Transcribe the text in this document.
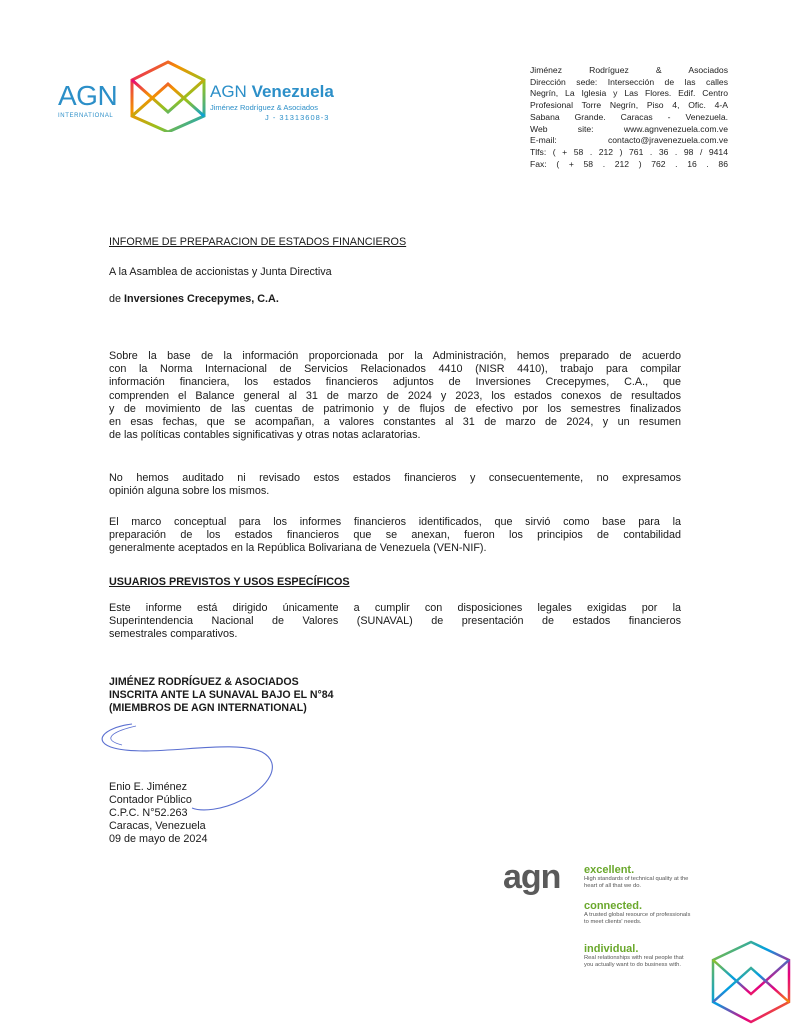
AGN
INTERNATIONAL
AGN Venezuela
Jiménez Rodríguez & Asociados
J - 31313608-3
Jiménez Rodríguez & Asociados
Dirección sede: Intersección de las calles
Negrín, La Iglesia y Las Flores. Edif. Centro
Profesional Torre Negrín, Piso 4, Ofic. 4-A
Sabana Grande. Caracas - Venezuela.
Web site: www.agnvenezuela.com.ve
E-mail: contacto@jravenezuela.com.ve
Tlfs: ( + 58 . 212 ) 761 . 36 . 98 / 9414
Fax: ( + 58 . 212 ) 762 . 16 . 86
INFORME DE PREPARACION DE ESTADOS FINANCIEROS
A la Asamblea de accionistas y Junta Directiva
de Inversiones Crecepymes, C.A.
Sobre la base de la información proporcionada por la Administración, hemos preparado de acuerdo
con la Norma Internacional de Servicios Relacionados 4410 (NISR 4410), trabajo para compilar
información financiera, los estados financieros adjuntos de Inversiones Crecepymes, C.A., que
comprenden el Balance general al 31 de marzo de 2024 y 2023, los estados conexos de resultados
y de movimiento de las cuentas de patrimonio y de flujos de efectivo por los semestres finalizados
en esas fechas, que se acompañan, a valores constantes al 31 de marzo de 2024, y un resumen
de las políticas contables significativas y otras notas aclaratorias.
No hemos auditado ni revisado estos estados financieros y consecuentemente, no expresamos
opinión alguna sobre los mismos.
El marco conceptual para los informes financieros identificados, que sirvió como base para la
preparación de los estados financieros que se anexan, fueron los principios de contabilidad
generalmente aceptados en la República Bolivariana de Venezuela (VEN-NIF).
USUARIOS PREVISTOS Y USOS ESPECÍFICOS
Este informe está dirigido únicamente a cumplir con disposiciones legales exigidas por la
Superintendencia Nacional de Valores (SUNAVAL) de presentación de estados financieros
semestrales comparativos.
JIMÉNEZ RODRÍGUEZ & ASOCIADOS
INSCRITA ANTE LA SUNAVAL BAJO EL N°84
(MIEMBROS DE AGN INTERNATIONAL)
Enio E. Jiménez
Contador Público
C.P.C. N°52.263
Caracas, Venezuela
09 de mayo de 2024
agn excellent.
High standards of technical quality at the heart of all that we do.
connected.
A trusted global resource of professionals to meet clients' needs.
individual.
Real relationships with real people that you actually want to do business with.
